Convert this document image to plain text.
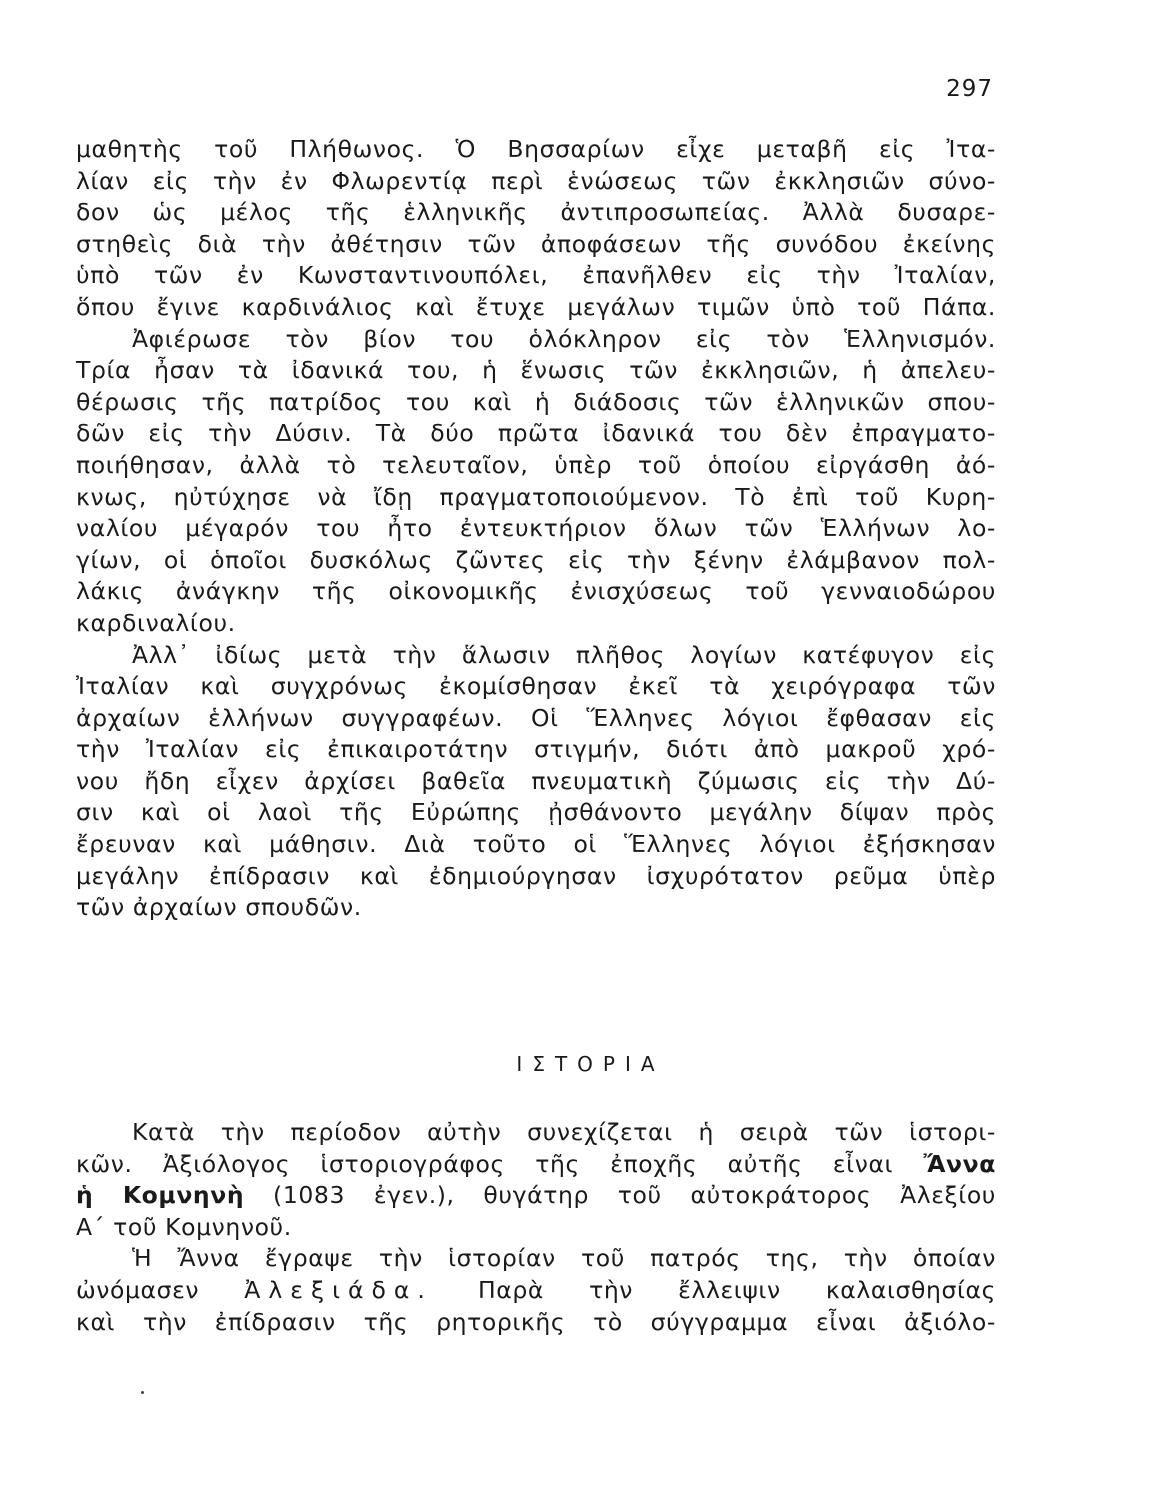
297
μαθητὴς τοῦ Πλήθωνος. Ὁ Βησσαρίων εἶχε μεταβῆ εἰς Ἰτα-
λίαν εἰς τὴν ἐν Φλωρεντίᾳ περὶ ἑνώσεως τῶν ἐκκλησιῶν σύνο-
δον ὡς μέλος τῆς ἑλληνικῆς ἀντιπροσωπείας. Ἀλλὰ δυσαρε-
στηθεὶς διὰ τὴν ἀθέτησιν τῶν ἀποφάσεων τῆς συνόδου ἐκείνης
ὑπὸ τῶν ἐν Κωνσταντινουπόλει, ἐπανῆλθεν εἰς τὴν Ἰταλίαν,
ὅπου ἔγινε καρδινάλιος καὶ ἔτυχε μεγάλων τιμῶν ὑπὸ τοῦ Πάπα.
Ἀφιέρωσε τὸν βίον του ὁλόκληρον εἰς τὸν Ἑλληνισμόν.
Τρία ἦσαν τὰ ἰδανικά του, ἡ ἕνωσις τῶν ἐκκλησιῶν, ἡ ἀπελευ-
θέρωσις τῆς πατρίδος του καὶ ἡ διάδοσις τῶν ἑλληνικῶν σπου-
δῶν εἰς τὴν Δύσιν. Τὰ δύο πρῶτα ἰδανικά του δὲν ἐπραγματο-
ποιήθησαν, ἀλλὰ τὸ τελευταῖον, ὑπὲρ τοῦ ὁποίου εἰργάσθη ἀό-
κνως, ηὐτύχησε νὰ ἴδῃ πραγματοποιούμενον. Τὸ ἐπὶ τοῦ Κυρη-
ναλίου μέγαρόν του ἦτο ἐντευκτήριον ὅλων τῶν Ἑλλήνων λο-
γίων, οἱ ὁποῖοι δυσκόλως ζῶντες εἰς τὴν ξένην ἐλάμβανον πολ-
λάκις ἀνάγκην τῆς οἰκονομικῆς ἐνισχύσεως τοῦ γενναιοδώρου
καρδιναλίου.
Ἀλλ᾿ ἰδίως μετὰ τὴν ἅλωσιν πλῆθος λογίων κατέφυγον εἰς
Ἰταλίαν καὶ συγχρόνως ἐκομίσθησαν ἐκεῖ τὰ χειρόγραφα τῶν
ἀρχαίων ἑλλήνων συγγραφέων. Οἱ Ἕλληνες λόγιοι ἔφθασαν εἰς
τὴν Ἰταλίαν εἰς ἐπικαιροτάτην στιγμήν, διότι ἀπὸ μακροῦ χρό-
νου ἤδη εἶχεν ἀρχίσει βαθεῖα πνευματικὴ ζύμωσις εἰς τὴν Δύ-
σιν καὶ οἱ λαοὶ τῆς Εὐρώπης ᾐσθάνοντο μεγάλην δίψαν πρὸς
ἔρευναν καὶ μάθησιν. Διὰ τοῦτο οἱ Ἕλληνες λόγιοι ἐξήσκησαν
μεγάλην ἐπίδρασιν καὶ ἐδημιούργησαν ἰσχυρότατον ρεῦμα ὑπὲρ
τῶν ἀρχαίων σπουδῶν.
ΙΣΤΟΡΙΑ
Κατὰ τὴν περίοδον αὐτὴν συνεχίζεται ἡ σειρὰ τῶν ἱστορι-
κῶν. Ἀξιόλογος ἱστοριογράφος τῆς ἐποχῆς αὐτῆς εἶναι Ἄννα
ἡ Κομνηνὴ (1083 ἐγεν.), θυγάτηρ τοῦ αὐτοκράτορος Ἀλεξίου
Α΄ τοῦ Κομνηνοῦ.
Ἡ Ἄννα ἔγραψε τὴν ἱστορίαν τοῦ πατρός της, τὴν ὁποίαν
ὠνόμασεν Ἀλεξιάδα. Παρὰ τὴν ἔλλειψιν καλαισθησίας
καὶ τὴν ἐπίδρασιν τῆς ρητορικῆς τὸ σύγγραμμα εἶναι ἀξιόλο-
